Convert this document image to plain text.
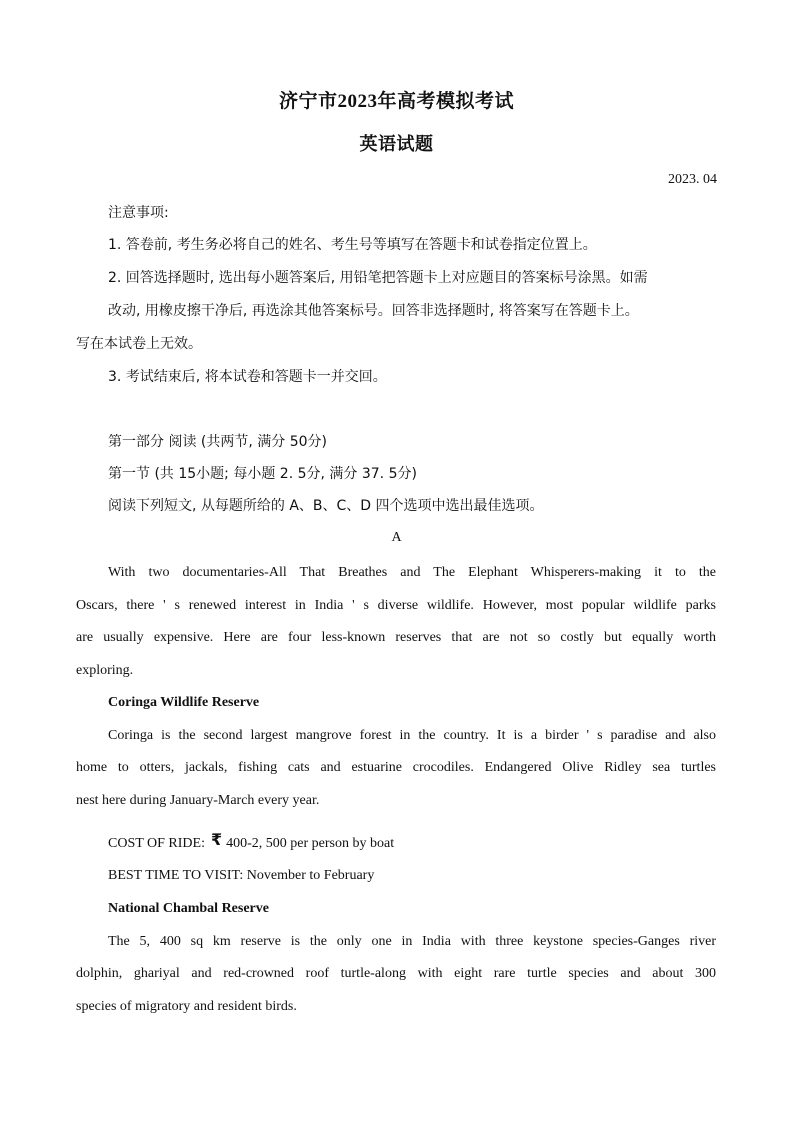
济宁市2023年高考模拟考试
英语试题
2023. 04
注意事项:
1. 答卷前, 考生务必将自己的姓名、考生号等填写在答题卡和试卷指定位置上。
2. 回答选择题时, 选出每小题答案后, 用铅笔把答题卡上对应题目的答案标号涂黑。如需
改动, 用橡皮擦干净后, 再选涂其他答案标号。回答非选择题时, 将答案写在答题卡上。
写在本试卷上无效。
3. 考试结束后, 将本试卷和答题卡一并交回。
第一部分 阅读 (共两节, 满分 50分)
第一节 (共 15小题; 每小题 2. 5分, 满分 37. 5分)
阅读下列短文, 从每题所给的 A、B、C、D 四个选项中选出最佳选项。
A
With two documentaries-All That Breathes and The Elephant Whisperers-making it to the
Oscars, there ' s renewed interest in India ' s diverse wildlife. However, most popular wildlife parks
are usually expensive. Here are four less-known reserves that are not so costly but equally worth
exploring.
Coringa Wildlife Reserve
Coringa is the second largest mangrove forest in the country. It is a birder ' s paradise and also
home to otters, jackals, fishing cats and estuarine crocodiles. Endangered Olive Ridley sea turtles
nest here during January-March every year.
COST OF RIDE: ₹ 400-2, 500 per person by boat
BEST TIME TO VISIT: November to February
National Chambal Reserve
The 5, 400 sq km reserve is the only one in India with three keystone species-Ganges river
dolphin, ghariyal and red-crowned roof turtle-along with eight rare turtle species and about 300
species of migratory and resident birds.
